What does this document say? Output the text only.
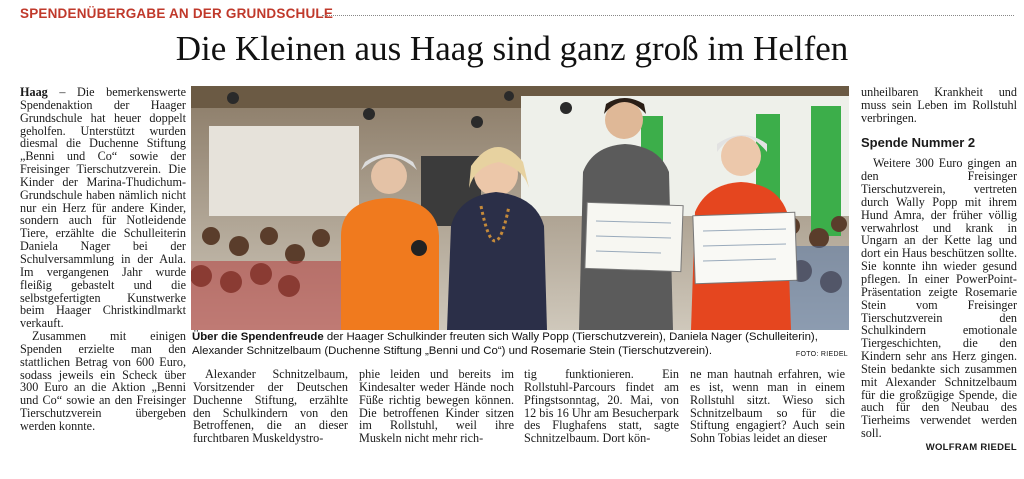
SPENDENÜBERGABE AN DER GRUNDSCHULE
Die Kleinen aus Haag sind ganz groß im Helfen

Haag – Die bemerkenswerte Spendenaktion der Haager Grundschule hat heuer doppelt geholfen. Unterstützt wurden diesmal die Duchenne Stiftung „Benni und Co“ sowie der Freisinger Tierschutzverein. Die Kinder der Marina-Thudichum-Grundschule haben nämlich nicht nur ein Herz für andere Kinder, sondern auch für Notleidende Tiere, erzählte die Schulleiterin Daniela Nager bei der Schulversammlung in der Aula. Im vergangenen Jahr wurde fleißig gebastelt und die selbstgefertigten Kunstwerke beim Haager Christkindlmarkt verkauft.

Zusammen mit einigen Spenden erzielte man den stattlichen Betrag von 600 Euro, sodass jeweils ein Scheck über 300 Euro an die Aktion „Benni und Co“ sowie an den Freisinger Tierschutzverein übergeben werden konnte.

Über die Spendenfreude der Haager Schulkinder freuten sich Wally Popp (Tierschutzverein), Daniela Nager (Schulleiterin), Alexander Schnitzelbaum (Duchenne Stiftung „Benni und Co“) und Rosemarie Stein (Tierschutzverein).	FOTO: RIEDEL

Alexander Schnitzelbaum, Vorsitzender der Deutschen Duchenne Stiftung, erzählte den Schulkindern von den Betroffenen, die an dieser furchtbaren Muskeldystro-

phie leiden und bereits im Kindesalter weder Hände noch Füße richtig bewegen können. Die betroffenen Kinder sitzen im Rollstuhl, weil ihre Muskeln nicht mehr rich-

tig funktionieren. Ein Rollstuhl-Parcours findet am Pfingstsonntag, 20. Mai, von 12 bis 16 Uhr am Besucherpark des Flughafens statt, sagte Schnitzelbaum. Dort kön-

ne man hautnah erfahren, wie es ist, wenn man in einem Rollstuhl sitzt. Wieso sich Schnitzelbaum so für die Stiftung engagiert? Auch sein Sohn Tobias leidet an dieser

unheilbaren Krankheit und muss sein Leben im Rollstuhl verbringen.

Spende Nummer 2

Weitere 300 Euro gingen an den Freisinger Tierschutzverein, vertreten durch Wally Popp mit ihrem Hund Amra, der früher völlig verwahrlost und krank in Ungarn an der Kette lag und dort ein Haus beschützen sollte. Sie konnte ihn wieder gesund pflegen. In einer PowerPoint-Präsentation zeigte Rosemarie Stein vom Freisinger Tierschutzverein den Schulkindern emotionale Tiergeschichten, die den Kindern sehr ans Herz gingen. Stein bedankte sich zusammen mit Alexander Schnitzelbaum für die großzügige Spende, die auch für den Neubau des Tierheims verwendet werden soll.

WOLFRAM RIEDEL
